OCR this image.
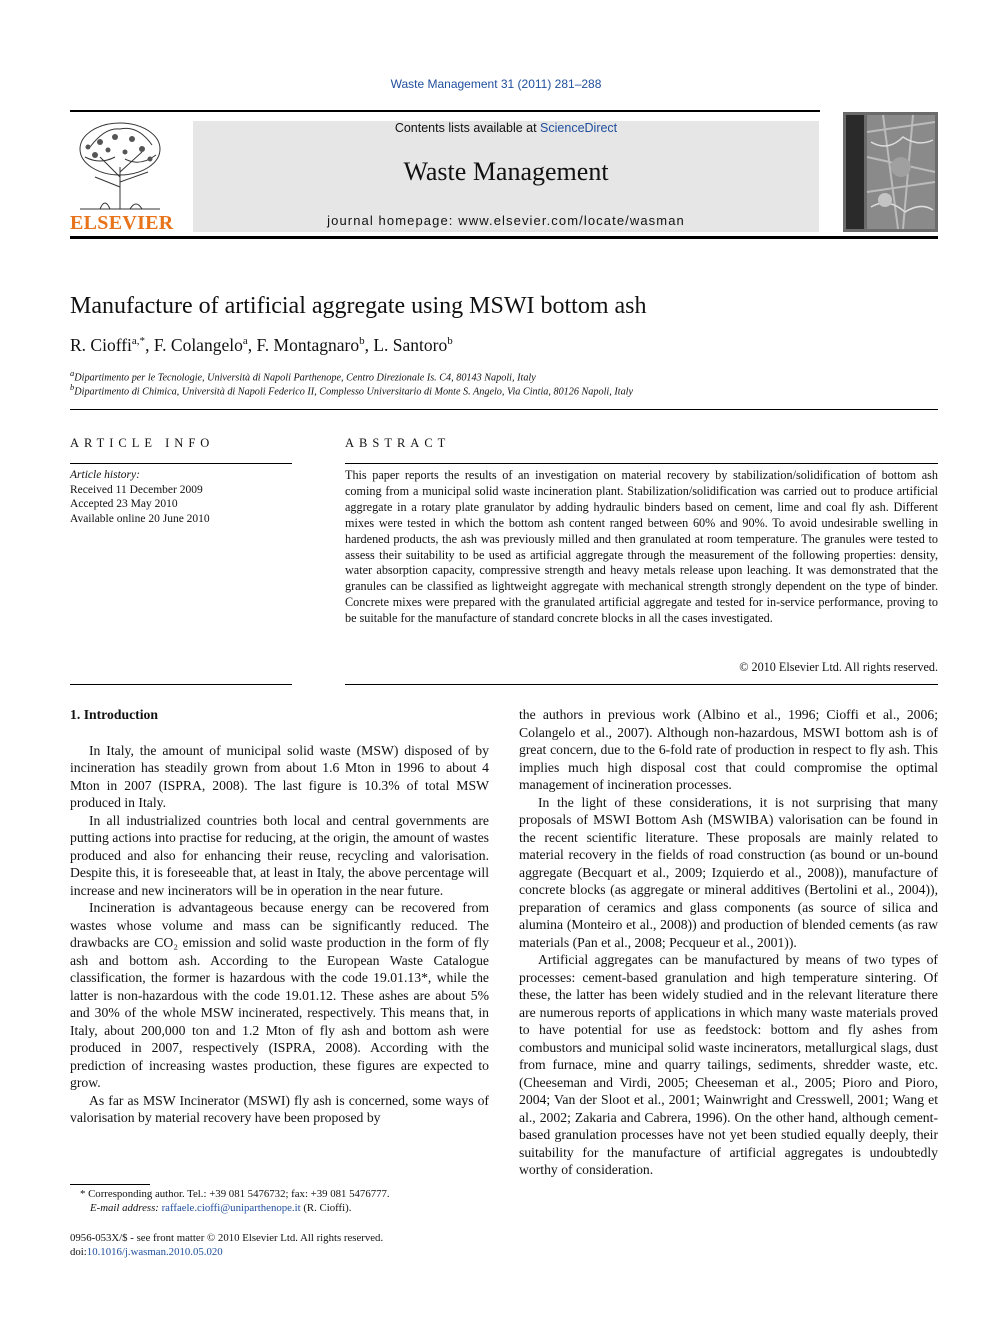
Waste Management 31 (2011) 281–288
ELSEVIER
Contents lists available at ScienceDirect
Waste Management
journal homepage: www.elsevier.com/locate/wasman
Manufacture of artificial aggregate using MSWI bottom ash
R. Cioffi$^{a,*}$, F. Colangelo$^a$, F. Montagnaro$^b$, L. Santoro$^b$
$^a$Dipartimento per le Tecnologie, Università di Napoli Parthenope, Centro Direzionale Is. C4, 80143 Napoli, Italy
$^b$Dipartimento di Chimica, Università di Napoli Federico II, Complesso Universitario di Monte S. Angelo, Via Cintia, 80126 Napoli, Italy
ARTICLE INFO	ABSTRACT
Article history:
Received 11 December 2009
Accepted 23 May 2010
Available online 20 June 2010
This paper reports the results of an investigation on material recovery by stabilization/solidification of bottom ash coming from a municipal solid waste incineration plant. Stabilization/solidification was carried out to produce artificial aggregate in a rotary plate granulator by adding hydraulic binders based on cement, lime and coal fly ash. Different mixes were tested in which the bottom ash content ranged between 60% and 90%. To avoid undesirable swelling in hardened products, the ash was previously milled and then granulated at room temperature. The granules were tested to assess their suitability to be used as artificial aggregate through the measurement of the following properties: density, water absorption capacity, compressive strength and heavy metals release upon leaching. It was demonstrated that the granules can be classified as lightweight aggregate with mechanical strength strongly dependent on the type of binder. Concrete mixes were prepared with the granulated artificial aggregate and tested for in-service performance, proving to be suitable for the manufacture of standard concrete blocks in all the cases investigated.
© 2010 Elsevier Ltd. All rights reserved.
1. Introduction

In Italy, the amount of municipal solid waste (MSW) disposed of by incineration has steadily grown from about 1.6 Mton in 1996 to about 4 Mton in 2007 (ISPRA, 2008). The last figure is 10.3% of total MSW produced in Italy.

In all industrialized countries both local and central governments are putting actions into practise for reducing, at the origin, the amount of wastes produced and also for enhancing their reuse, recycling and valorisation. Despite this, it is foreseeable that, at least in Italy, the above percentage will increase and new incinerators will be in operation in the near future.

Incineration is advantageous because energy can be recovered from wastes whose volume and mass can be significantly reduced. The drawbacks are CO₂ emission and solid waste production in the form of fly ash and bottom ash. According to the European Waste Catalogue classification, the former is hazardous with the code 19.01.13*, while the latter is non-hazardous with the code 19.01.12. These ashes are about 5% and 30% of the whole MSW incinerated, respectively. This means that, in Italy, about 200,000 ton and 1.2 Mton of fly ash and bottom ash were produced in 2007, respectively (ISPRA, 2008). According with the prediction of increasing wastes production, these figures are expected to grow.

As far as MSW Incinerator (MSWI) fly ash is concerned, some ways of valorisation by material recovery have been proposed by

the authors in previous work (Albino et al., 1996; Cioffi et al., 2006; Colangelo et al., 2007). Although non-hazardous, MSWI bottom ash is of great concern, due to the 6-fold rate of production in respect to fly ash. This implies much high disposal cost that could compromise the optimal management of incineration processes.

In the light of these considerations, it is not surprising that many proposals of MSWI Bottom Ash (MSWIBA) valorisation can be found in the recent scientific literature. These proposals are mainly related to material recovery in the fields of road construction (as bound or un-bound aggregate (Becquart et al., 2009; Izquierdo et al., 2008)), manufacture of concrete blocks (as aggregate or mineral additives (Bertolini et al., 2004)), preparation of ceramics and glass components (as source of silica and alumina (Monteiro et al., 2008)) and production of blended cements (as raw materials (Pan et al., 2008; Pecqueur et al., 2001)).

Artificial aggregates can be manufactured by means of two types of processes: cement-based granulation and high temperature sintering. Of these, the latter has been widely studied and in the relevant literature there are numerous reports of applications in which many waste materials proved to have potential for use as feedstock: bottom and fly ashes from combustors and municipal solid waste incinerators, metallurgical slags, dust from furnace, mine and quarry tailings, sediments, shredder waste, etc. (Cheeseman and Virdi, 2005; Cheeseman et al., 2005; Pioro and Pioro, 2004; Van der Sloot et al., 2001; Wainwright and Cresswell, 2001; Wang et al., 2002; Zakaria and Cabrera, 1996). On the other hand, although cement-based granulation processes have not yet been studied equally deeply, their suitability for the manufacture of artificial aggregates is undoubtedly worthy of consideration.

* Corresponding author. Tel.: +39 081 5476732; fax: +39 081 5476777.
E-mail address: raffaele.cioffi@uniparthenope.it (R. Cioffi).
0956-053X/$ - see front matter © 2010 Elsevier Ltd. All rights reserved.
doi:10.1016/j.wasman.2010.05.020
